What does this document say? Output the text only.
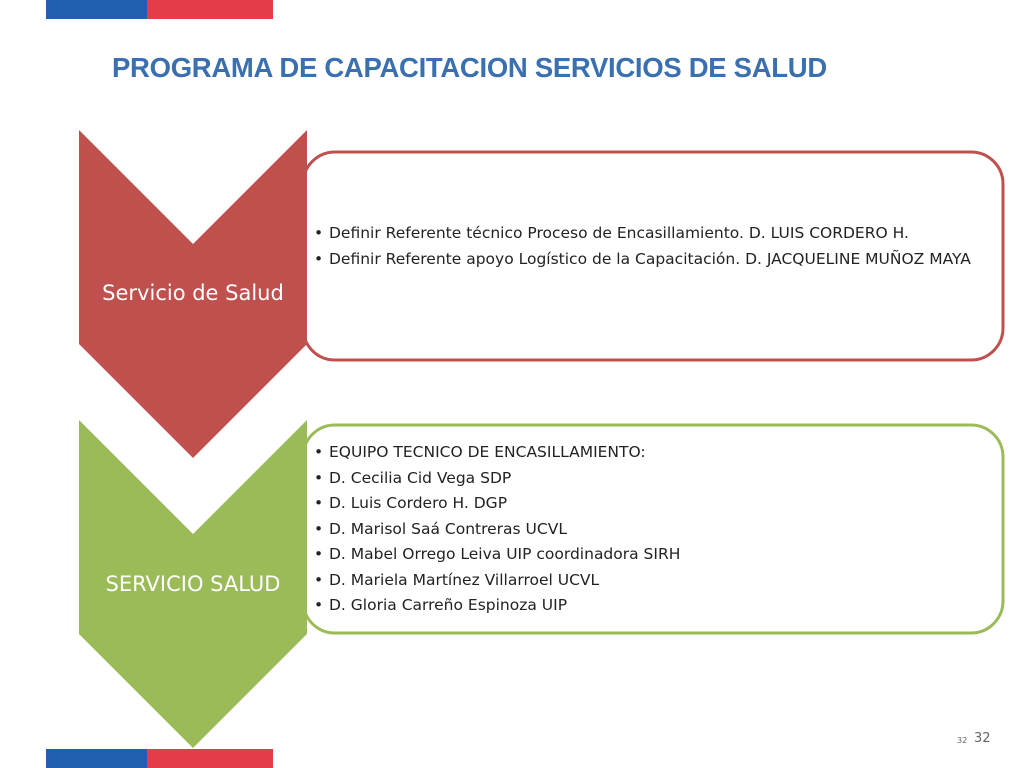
PROGRAMA DE CAPACITACION SERVICIOS DE SALUD
Servicio de Salud
SERVICIO SALUD
• Definir Referente técnico Proceso de Encasillamiento. D. LUIS CORDERO H.
• Definir Referente apoyo Logístico de la Capacitación. D. JACQUELINE MUÑOZ MAYA
• EQUIPO TECNICO DE ENCASILLAMIENTO:
• D. Cecilia Cid Vega SDP
• D. Luis Cordero H. DGP
• D. Marisol Saá Contreras UCVL
• D. Mabel Orrego Leiva UIP coordinadora SIRH
• D. Mariela Martínez Villarroel UCVL
• D. Gloria Carreño Espinoza UIP
32 32
